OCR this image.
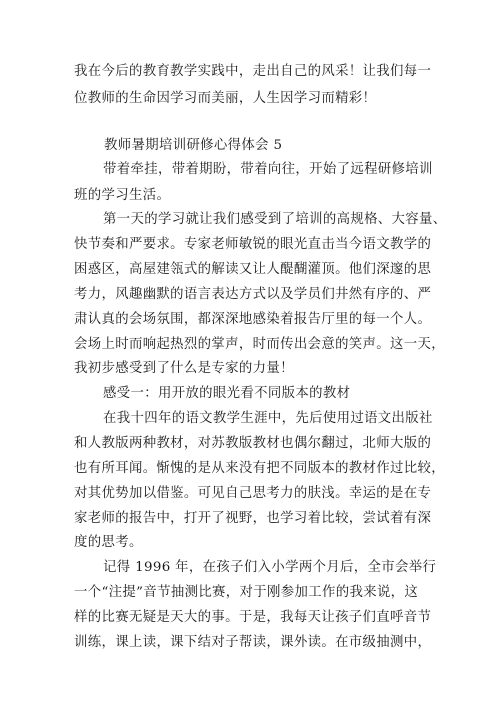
我在今后的教育教学实践中，走出自己的风采！让我们每一
位教师的生命因学习而美丽，人生因学习而精彩！
教师暑期培训研修心得体会 5
带着牵挂，带着期盼，带着向往，开始了远程研修培训
班的学习生活。
第一天的学习就让我们感受到了培训的高规格、大容量、
快节奏和严要求。专家老师敏锐的眼光直击当今语文教学的
困惑区，高屋建瓴式的解读又让人醍醐灌顶。他们深邃的思
考力，风趣幽默的语言表达方式以及学员们井然有序的、严
肃认真的会场氛围，都深深地感染着报告厅里的每一个人。
会场上时而响起热烈的掌声，时而传出会意的笑声。这一天，
我初步感受到了什么是专家的力量！
感受一：用开放的眼光看不同版本的教材
在我十四年的语文教学生涯中，先后使用过语文出版社
和人教版两种教材，对苏教版教材也偶尔翻过，北师大版的
也有所耳闻。惭愧的是从来没有把不同版本的教材作过比较，
对其优势加以借鉴。可见自己思考力的肤浅。幸运的是在专
家老师的报告中，打开了视野，也学习着比较，尝试着有深
度的思考。
记得 1996 年，在孩子们入小学两个月后，全市会举行
一个“注提”音节抽测比赛，对于刚参加工作的我来说，这
样的比赛无疑是天大的事。于是，我每天让孩子们直呼音节
训练，课上读，课下结对子帮读，课外读。在市级抽测中，
